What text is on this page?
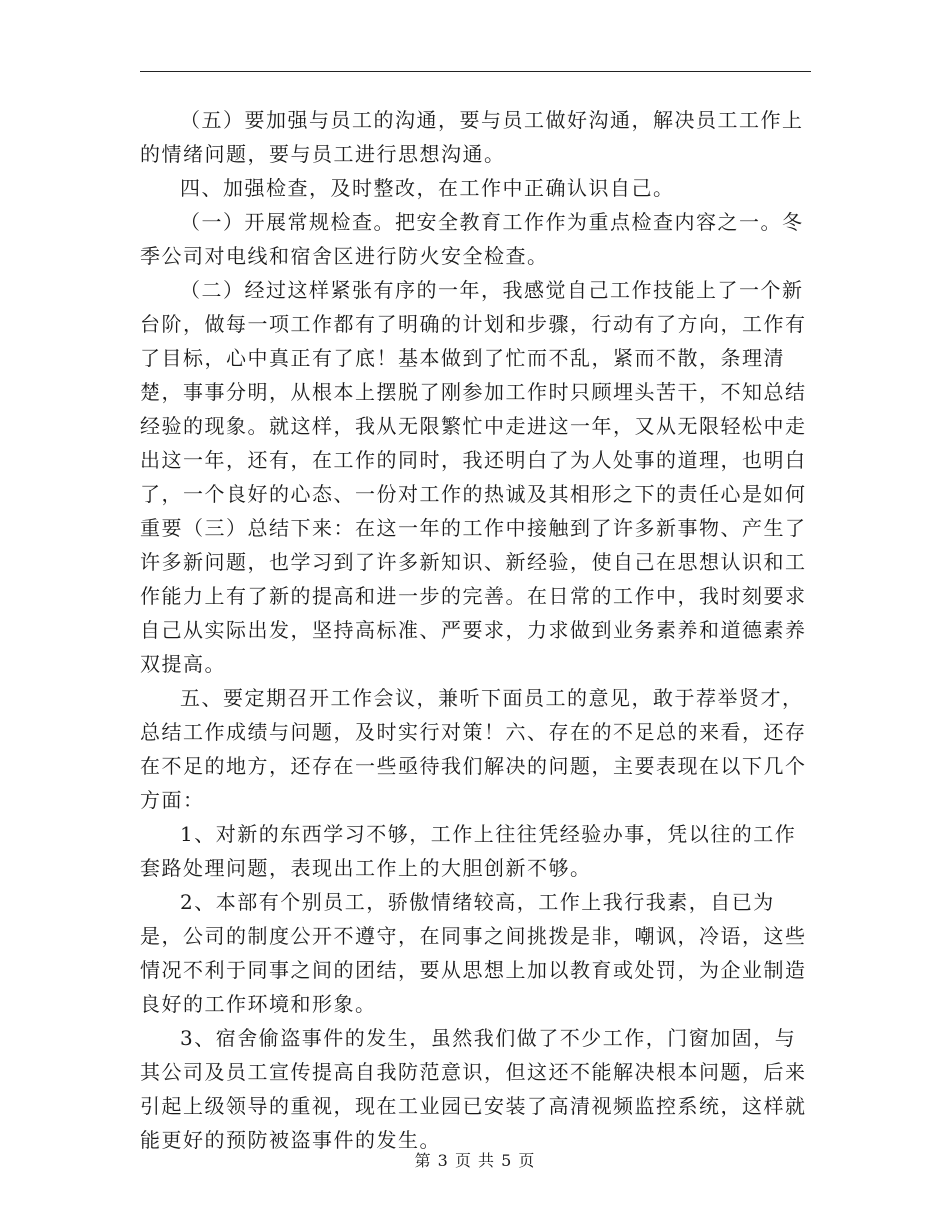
（五）要加强与员工的沟通，要与员工做好沟通，解决员工工作上的情绪问题，要与员工进行思想沟通。

四、加强检查，及时整改，在工作中正确认识自己。

（一）开展常规检查。把安全教育工作作为重点检查内容之一。冬季公司对电线和宿舍区进行防火安全检查。

（二）经过这样紧张有序的一年，我感觉自己工作技能上了一个新台阶，做每一项工作都有了明确的计划和步骤，行动有了方向，工作有了目标，心中真正有了底！基本做到了忙而不乱，紧而不散，条理清楚，事事分明，从根本上摆脱了刚参加工作时只顾埋头苦干，不知总结经验的现象。就这样，我从无限繁忙中走进这一年，又从无限轻松中走出这一年，还有，在工作的同时，我还明白了为人处事的道理，也明白了，一个良好的心态、一份对工作的热诚及其相形之下的责任心是如何重要（三）总结下来：在这一年的工作中接触到了许多新事物、产生了许多新问题，也学习到了许多新知识、新经验，使自己在思想认识和工作能力上有了新的提高和进一步的完善。在日常的工作中，我时刻要求自己从实际出发，坚持高标准、严要求，力求做到业务素养和道德素养双提高。

五、要定期召开工作会议，兼听下面员工的意见，敢于荐举贤才，总结工作成绩与问题，及时实行对策！六、存在的不足总的来看，还存在不足的地方，还存在一些亟待我们解决的问题，主要表现在以下几个方面：

1、对新的东西学习不够，工作上往往凭经验办事，凭以往的工作套路处理问题，表现出工作上的大胆创新不够。

2、本部有个别员工，骄傲情绪较高，工作上我行我素，自已为是，公司的制度公开不遵守，在同事之间挑拨是非，嘲讽，冷语，这些情况不利于同事之间的团结，要从思想上加以教育或处罚，为企业制造良好的工作环境和形象。

3、宿舍偷盗事件的发生，虽然我们做了不少工作，门窗加固，与其公司及员工宣传提高自我防范意识，但这还不能解决根本问题，后来引起上级领导的重视，现在工业园已安装了高清视频监控系统，这样就能更好的预防被盗事件的发生。

第 3 页 共 5 页
